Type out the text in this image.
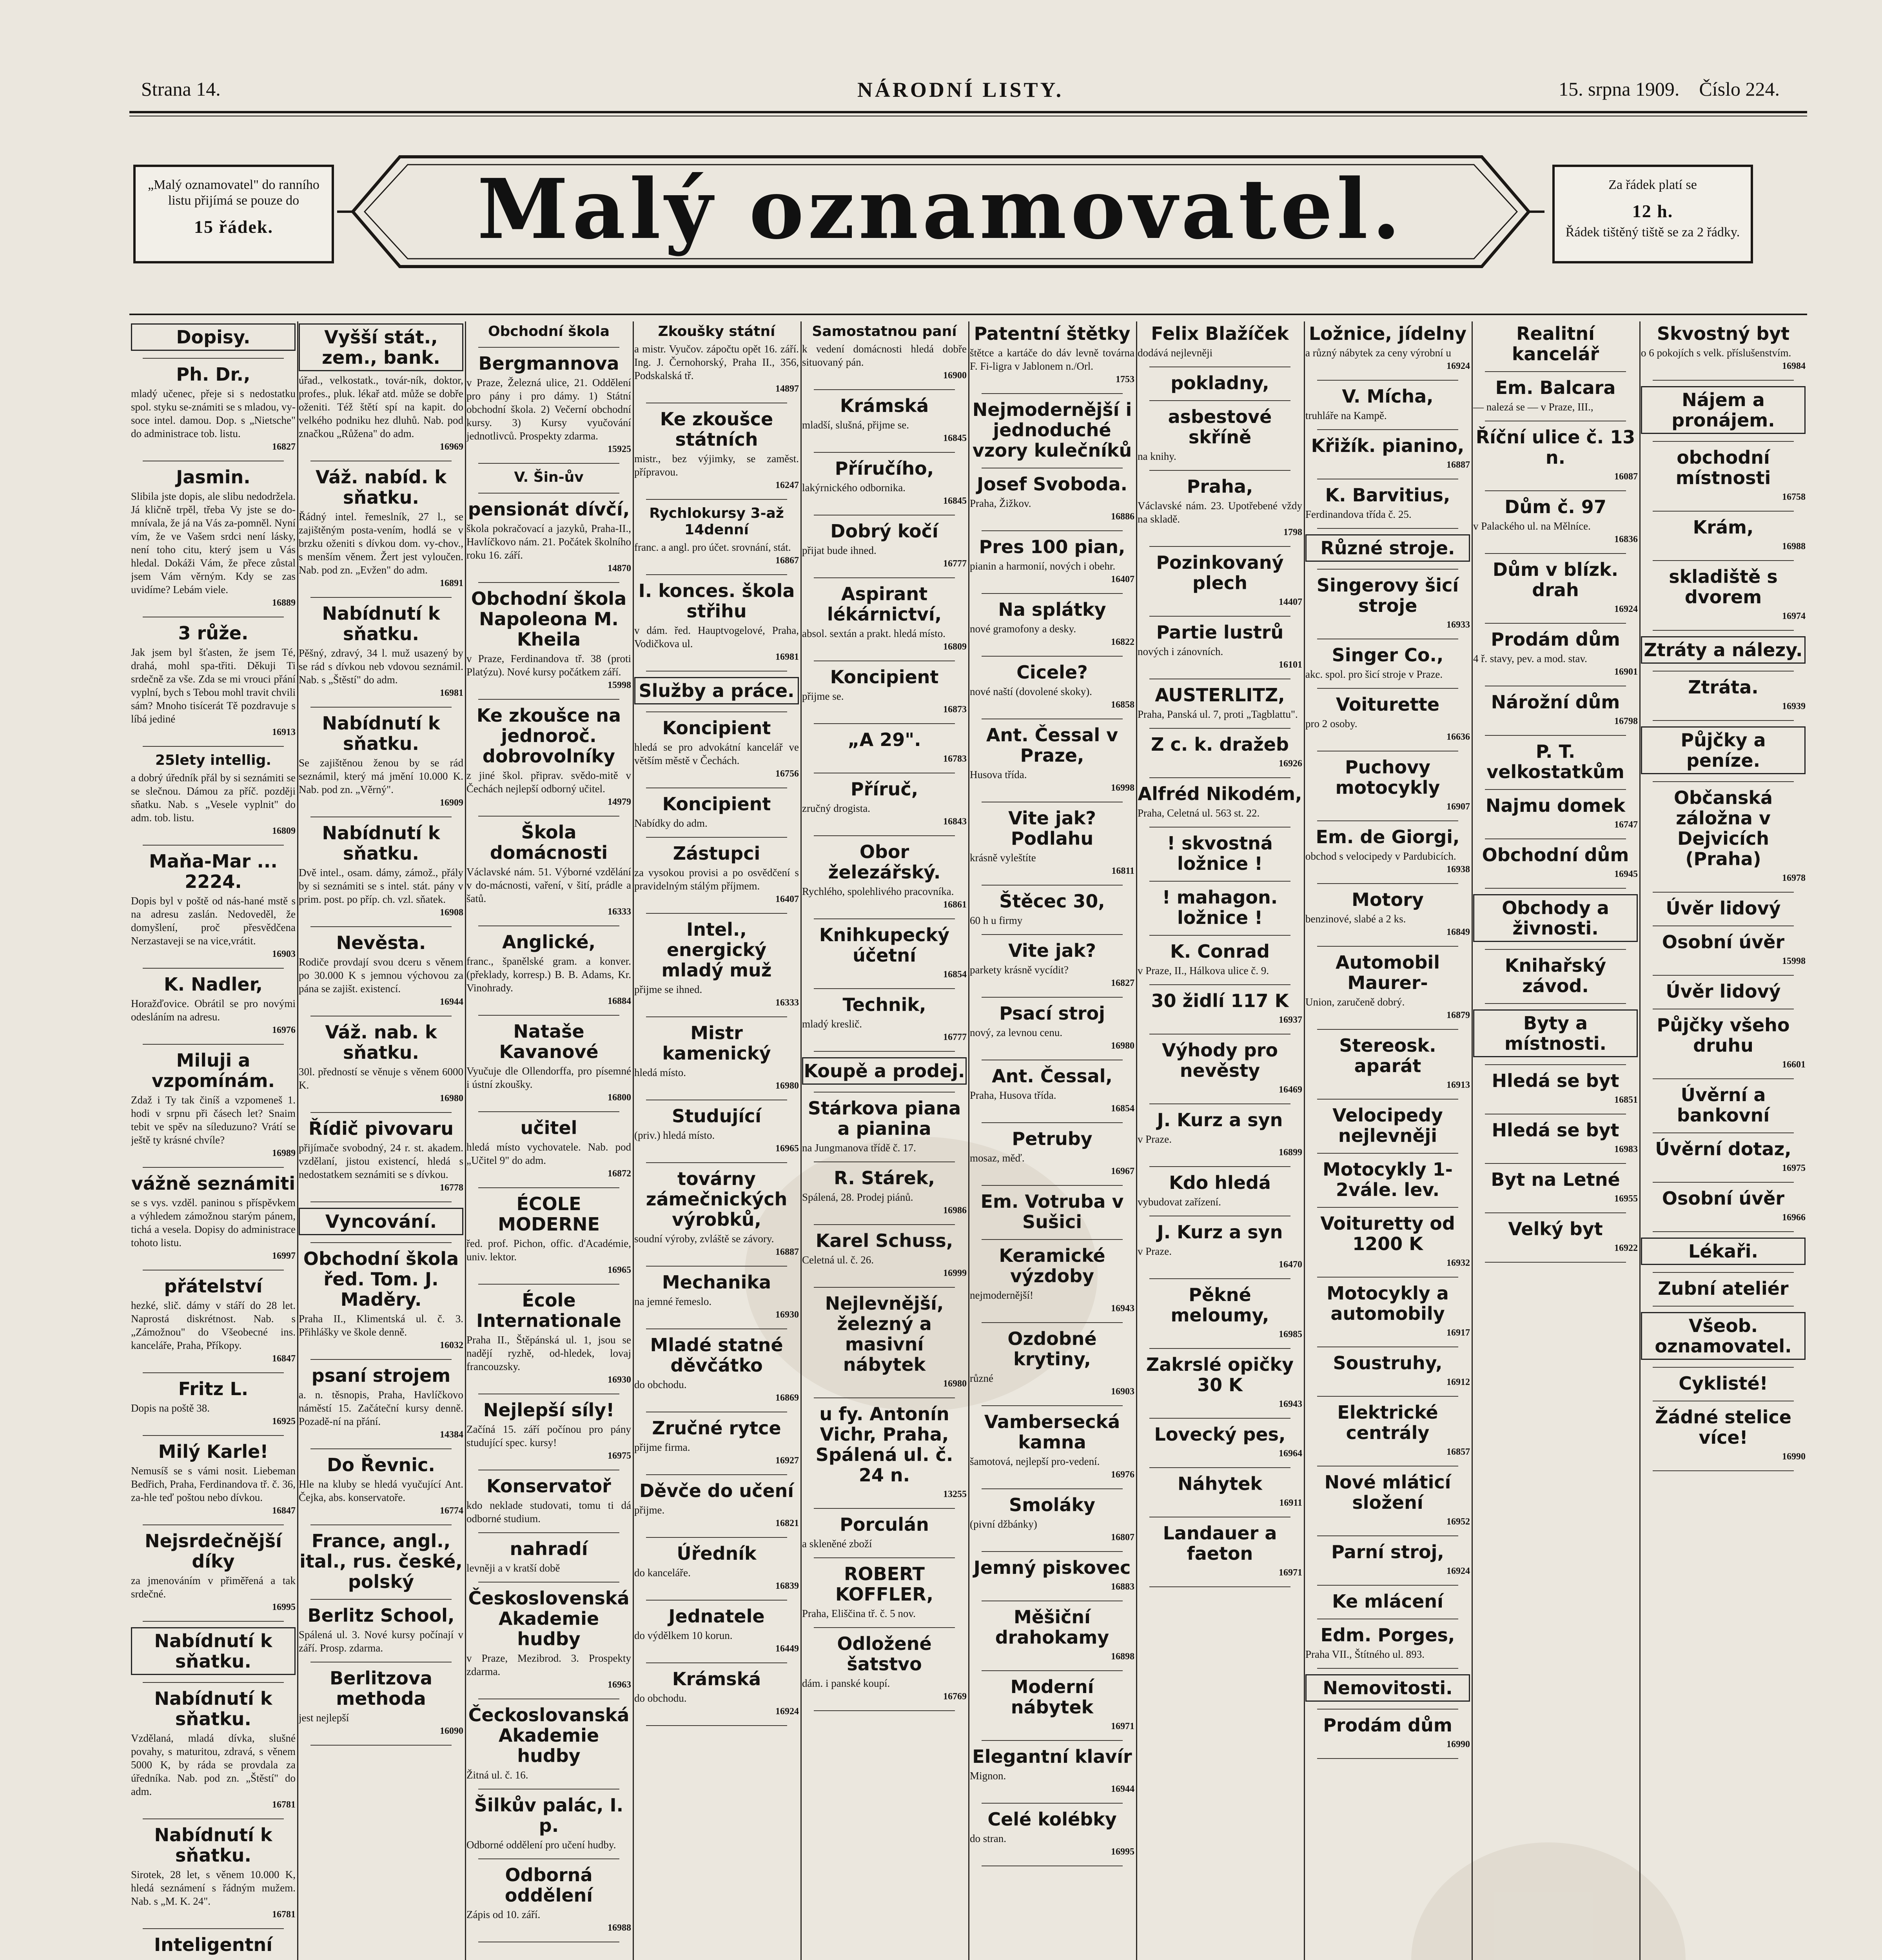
Strana 14.	NÁRODNÍ LISTY.	15. srpna 1909. Číslo 224.
„Malý oznamovatel" do ranního listu přijímá se pouze do
15 řádek.	Malý oznamovatel.	Za řádek platí se
12 h.
Řádek tištěný tiště se za 2 řádky.
Dopisy.
Ph. Dr.,
mladý učenec, přeje si s nedostatku spol. styku se-známiti se s mladou, vy-soce intel. damou. Dop. s „Nietsche" do administrace tob. listu.
16827
Jasmin.
Slibila jste dopis, ale slibu nedodržela. Já kličně trpěl, třeba Vy jste se do-mnívala, že já na Vás za-pomněl. Nyní vím, že ve Vašem srdci není lásky, není toho citu, který jsem u Vás hledal. Dokáži Vám, že přece zůstal jsem Vám věrným. Kdy se zas uvidíme? Lebám viele.
16889
3 růže.
Jak jsem byl šťasten, že jsem Té, drahá, mohl spa-třiti. Děkuji Ti srdečně za vše. Zda se mi vrouci přání vyplní, bych s Tebou mohl travit chvili sám? Mnoho tisícerát Tě pozdravuje s líbá jediné
16913
25lety intellig.
a dobrý úředník přál by si seznámiti se se slečnou. Dámou za příč. později sňatku. Nab. s „Vesele vyplnit" do adm. tob. listu.
16809
Maňa-Mar ... 2224.
Dopis byl v poště od nás-hané mstě s na adresu zaslán. Nedoveděl, že domyšlení, proč přesvědčena Nerzastaveji se na vice,vrátit.
16903
K. Nadler,
Horažďovice. Obrátil se pro novými odesláním na adresu.
16976
Miluji a vzpomínám.
Zdaž i Ty tak činíš a vzpomeneš 1. hodi v srpnu při čásech let? Snaim tebit ve spěv na síleduzuno? Vrátí se ještě ty krásné chvíle?
16989
vážně seznámiti
se s vys. vzděl. paninou s příspěvkem a výhledem zámožnou starým pánem, tichá a vesela. Dopisy do administrace tohoto listu.
16997
přátelství
hezké, slič. dámy v stáří do 28 let. Naprostá diskrétnost. Nab. s „Zámožnou" do Všeobecné ins. kanceláře, Praha, Příkopy.
16847
Fritz L.
Dopis na poště 38.
16925
Milý Karle!
Nemusíš se s vámi nosit. Liebeman Bedřich, Praha, Ferdinandova tř. č. 36, za-hle teď poštou nebo dívkou.
16847
Nejsrdečnější díky
za jmenováním v přiměřená a tak srdečné.
16995
Nabídnutí k sňatku.
Nabídnutí k sňatku.
Vzdělaná, mladá dívka, slušné povahy, s maturitou, zdravá, s věnem 5000 K, by ráda se provdala za úředníka. Nab. pod zn. „Štěstí" do adm.
16781
Nabídnutí k sňatku.
Sirotek, 28 let, s věnem 10.000 K, hledá seznámení s řádným mužem. Nab. s „M. K. 24".
16781
Inteligentní
Vyšší stát., zem., bank.
úřad., velkostatk., továr-ník, doktor, profes., pluk. lékař atd. může se dobře oženiti. Též štětí spí na kapit. do velkého podniku hez dluhů. Nab. pod značkou „Růžena" do adm.
16969
Váž. nabíd. k sňatku.
Řádný intel. řemeslník, 27 l., se zajištěným posta-vením, hodlá se v brzku oženiti s dívkou dom. vy-chov., s menším věnem. Žert jest vyloučen. Nab. pod zn. „Evžen" do adm.
16891
Nabídnutí k sňatku.
Pěšný, zdravý, 34 l. muž usazený by se rád s dívkou neb vdovou seznámil. Nab. s „Štěstí" do adm.
16981
Nabídnutí k sňatku.
Se zajištěnou ženou by se rád seznámil, který má jmění 10.000 K. Nab. pod zn. „Věrný".
16909
Nabídnutí k sňatku.
Dvě intel., osam. dámy, zámož., přály by si seznámiti se s intel. stát. pány v prim. post. po příp. ch. vzl. sňatek.
16908
Nevěsta.
Rodiče provdají svou dceru s věnem po 30.000 K s jemnou výchovou za pána se zajišt. existencí.
16944
Váž. nab. k sňatku.
30l. předností se věnuje s věnem 6000 K.
16980
Řídič pivovaru
přijímače svobodný, 24 r. st. akadem. vzdělaní, jistou existencí, hledá s nedostatkem seznámiti se s dívkou.
16778
Vyncování.
Obchodní škola řed. Tom. J. Maděry.
Praha II., Klimentská ul. č. 3. Přihlášky ve škole denně.
16032
psaní strojem
a. n. těsnopis, Praha, Havlíčkovo náměstí 15. Začáteční kursy denně. Pozadě-ní na přání.
14384
Do Řevnic.
Hle na kluby se hledá vyučující Ant. Čejka, abs. konservatoře.
16774
France, angl., ital., rus. české, polský
Berlitz School,
Spálená ul. 3. Nové kursy počínají v září. Prosp. zdarma.
Berlitzova methoda
jest nejlepší
16090
Obchodní škola
Bergmannova
v Praze, Železná ulice, 21. Oddělení pro pány i pro dámy. 1) Státní obchodní škola. 2) Večerní obchodní kursy. 3) Kursy vyučování jednotlivců. Prospekty zdarma.
15925
V. Šin-ův
pensionát dívčí,
škola pokračovací a jazyků, Praha-II., Havlíčkovo nám. 21. Počátek školního roku 16. září.
14870
Obchodní škola Napoleona M. Kheila
v Praze, Ferdinandova tř. 38 (proti Platýzu). Nové kursy počátkem září.
15998
Ke zkoušce na jednoroč. dobrovolníky
z jiné škol. připrav. svědo-mitě v Čechách nejlepší odborný učitel.
14979
Škola domácnosti
Václavské nám. 51. Výborné vzdělání v do-mácnosti, vaření, v šití, prádle a šatů.
16333
Anglické,
franc., španělské gram. a konver. (překlady, korresp.) B. B. Adams, Kr. Vinohrady.
16884
Nataše Kavanové
Vyučuje dle Ollendorffa, pro písemné i ústní zkoušky.
16800
učitel
hledá místo vychovatele. Nab. pod „Učitel 9" do adm.
16872
ÉCOLE MODERNE
řed. prof. Pichon, offic. d'Académie, univ. lektor.
16965
École Internationale
Praha II., Štěpánská ul. 1, jsou se nadějí ryzhě, od-hledek, lovaj francouzsky.
16930
Nejlepší síly!
Začíná 15. září počínou pro pány studující spec. kursy!
16975
Konservatoř
kdo neklade studovati, tomu ti dá odborné studium.
nahradí
levněji a v kratší době
Československá Akademie hudby
v Praze, Mezibrod. 3. Prospekty zdarma.
16963
Čeckoslovanská Akademie hudby
Žitná ul. č. 16.
Šilkův palác, I. p.
Odborné oddělení pro učení hudby.
Odborná oddělení
Zápis od 10. září.
16988
Zkoušky státní
a mistr. Vyučov. zápočtu opět 16. září. Ing. J. Černohorský, Praha II., 356, Podskalská tř.
14897
Ke zkoušce státních
mistr., bez výjimky, se zaměst. přípravou.
16247
Rychlokursy 3-až 14denní
franc. a angl. pro účet. srovnání, stát.
16867
I. konces. škola střihu
v dám. řed. Hauptvogelové, Praha, Vodičkova ul.
16981
Služby a práce.
Koncipient
hledá se pro advokátní kancelář ve větším městě v Čechách.
16756
Koncipient
Nabídky do adm.
Zástupci
za vysokou provisi a po osvědčení s pravidelným stálým příjmem.
16407
Intel., energický mladý muž
přijme se ihned.
16333
Mistr kamenický
hledá místo.
16980
Studující
(priv.) hledá místo.
16965
továrny zámečnických výrobků,
soudní výroby, zvláště se závory.
16887
Mechanika
na jemné řemeslo.
16930
Mladé statné děvčátko
do obchodu.
16869
Zručné rytce
přijme firma.
16927
Děvče do učení
přijme.
16821
Úředník
do kanceláře.
16839
Jednatele
do výdělkem 10 korun.
16449
Krámská
do obchodu.
16924
Samostatnou paní
k vedení domácnosti hledá dobře situovaný pán.
16900
Krámská
mladší, slušná, přijme se.
16845
Příručího,
lakýrnického odbornika.
16845
Dobrý kočí
přijat bude ihned.
16777
Aspirant lékárnictví,
absol. sextán a prakt. hledá místo.
16809
Koncipient
přijme se.
16873
„A 29".
16783
Příruč,
zručný drogista.
16843
Obor železářský.
Rychlého, spolehlivého pracovníka.
16861
Knihkupecký účetní
16854
Technik,
mladý kreslič.
16777
Koupě a prodej.
Stárkova piana a pianina
na Jungmanova třídě č. 17.
R. Stárek,
Spálená, 28. Prodej piánů.
16986
Karel Schuss,
Celetná ul. č. 26.
16999
Nejlevnější, železný a masivní nábytek
16980
u fy. Antonín Vichr, Praha, Spálená ul. č. 24 n.
13255
Porculán
a skleněné zboží
ROBERT KOFFLER,
Praha, Eliščina tř. č. 5 nov.
Odložené šatstvo
dám. i panské koupí.
16769
Patentní štětky
štětce a kartáče do dáv levně továrna F. Fi-ligra v Jablonem n./Orl.
1753
Nejmodernější i jednoduché vzory kulečníků
Josef Svoboda.
Praha, Žižkov.
16886
Pres 100 pian,
pianin a harmonií, nových i obehr.
16407
Na splátky
nové gramofony a desky.
16822
Cicele?
nové naští (dovolené skoky).
16858
Ant. Čessal v Praze,
Husova třída.
16998
Vite jak? Podlahu
krásně vyleštíte
16811
Štěcec 30,
60 h u firmy
Vite jak?
parkety krásně vycídit?
16827
Psací stroj
nový, za levnou cenu.
16980
Ant. Čessal,
Praha, Husova třída.
16854
Petruby
mosaz, měď.
16967
Em. Votruba v Sušici
Keramické výzdoby
nejmodernější!
16943
Ozdobné krytiny,
různé
16903
Vambersecká kamna
šamotová, nejlepší pro-vedení.
16976
Smoláky
(pivní džbánky)
16807
Jemný piskovec
16883
Měšiční drahokamy
16898
Moderní nábytek
16971
Elegantní klavír
Mignon.
16944
Celé kolébky
do stran.
16995
Felix Blažíček
dodává nejlevněji
pokladny,
asbestové skříně
na knihy.
Praha,
Václavské nám. 23. Upotřebené vždy na skladě.
1798
Pozinkovaný plech
14407
Partie lustrů
nových i zánovních.
16101
AUSTERLITZ,
Praha, Panská ul. 7, proti „Tagblattu".
Z c. k. dražeb
16926
Alfréd Nikodém,
Praha, Celetná ul. 563 st. 22.
! skvostná ložnice !
! mahagon. ložnice !
K. Conrad
v Praze, II., Hálkova ulice č. 9.
30 židlí 117 K
16937
Výhody pro nevěsty
16469
J. Kurz a syn
v Praze.
16899
Kdo hledá
vybudovat zařízení.
J. Kurz a syn
v Praze.
16470
Pěkné meloumy,
16985
Zakrslé opičky 30 K
16943
Lovecký pes,
16964
Náhytek
16911
Landauer a faeton
16971
Ložnice, jídelny
a různý nábytek za ceny výrobní u
16924
V. Mícha,
truhláře na Kampě.
Křižík. pianino,
16887
K. Barvitius,
Ferdinandova třída č. 25.
Různé stroje.
Singerovy šicí stroje
16933
Singer Co.,
akc. spol. pro šicí stroje v Praze.
Voiturette
pro 2 osoby.
16636
Puchovy motocykly
16907
Em. de Giorgi,
obchod s velocipedy v Pardubicích.
16938
Motory
benzinové, slabé a 2 ks.
16849
Automobil Maurer-
Union, zaručeně dobrý.
16879
Stereosk. aparát
16913
Velocipedy nejlevněji
Motocykly 1-2vále. lev.
Voituretty od 1200 K
16932
Motocykly a automobily
16917
Soustruhy,
16912
Elektrické centrály
16857
Nové mláticí složení
16952
Parní stroj,
16924
Ke mlácení
Edm. Porges,
Praha VII., Štítného ul. 893.
Nemovitosti.
Prodám dům
16990
Realitní kancelář
Em. Balcara
— nalezá se — v Praze, III.,
Říční ulice č. 13 n.
16087
Dům č. 97
v Palackého ul. na Mělníce.
16836
Dům v blízk. drah
16924
Prodám dům
4 ř. stavy, pev. a mod. stav.
16901
Nárožní dům
16798
P. T. velkostatkům
Najmu domek
16747
Obchodní dům
16945
Obchody a živnosti.
Knihařský závod.
Byty a místnosti.
Hledá se byt
16851
Hledá se byt
16983
Byt na Letné
16955
Velký byt
16922
Skvostný byt
o 6 pokojích s velk. příslušenstvím.
16984
Nájem a pronájem.
obchodní místnosti
16758
Krám,
16988
skladiště s dvorem
16974
Ztráty a nálezy.
Ztráta.
16939
Půjčky a peníze.
Občanská záložna v Dejvicích (Praha)
16978
Úvěr lidový
Osobní úvěr
15998
Úvěr lidový
Půjčky všeho druhu
16601
Úvěrní a bankovní
Úvěrní dotaz,
16975
Osobní úvěr
16966
Lékaři.
Zubní ateliér
Všeob. oznamovatel.
Cyklisté!
Žádné stelice více!
16990
